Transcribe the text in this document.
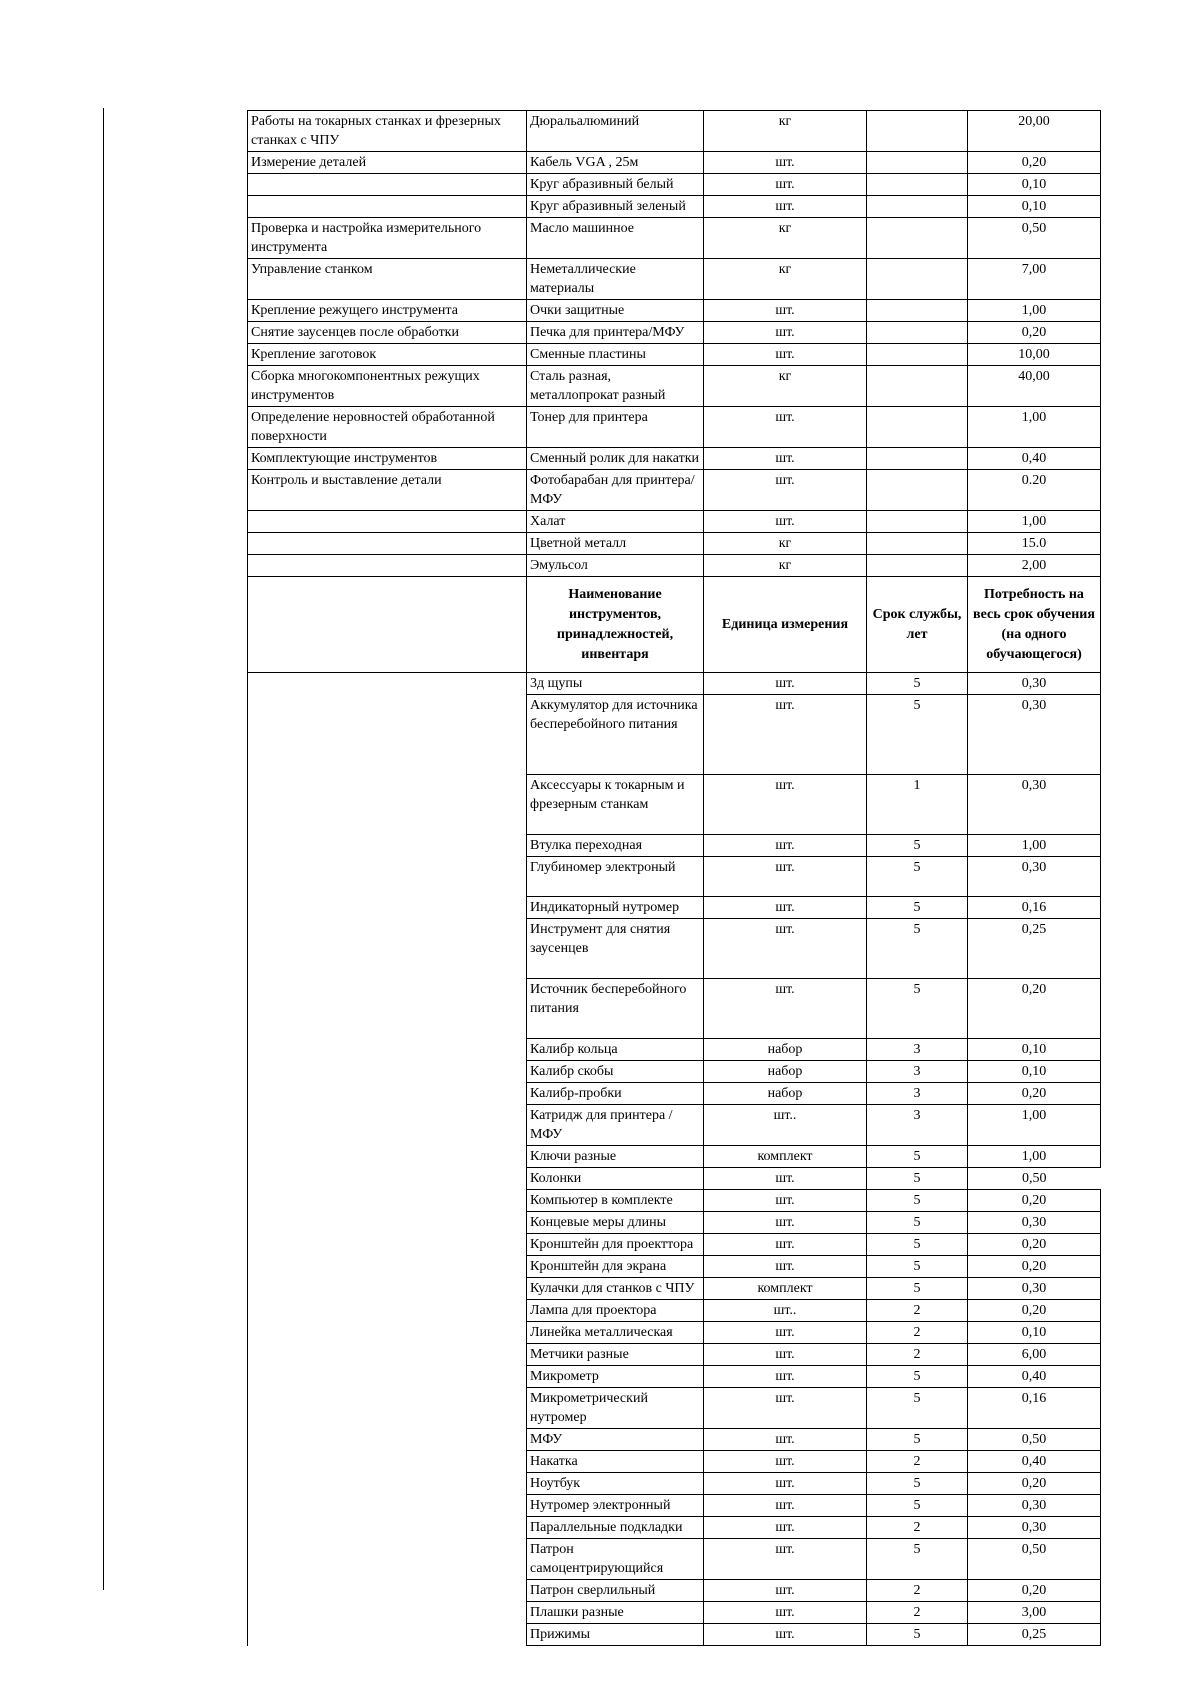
Работы на токарных станках и фрезерных станках с ЧПУ	Дюральалюминий	кг		20,00
Измерение деталей	Кабель VGA , 25м	шт.		0,20
	Круг абразивный белый	шт.		0,10
	Круг абразивный зеленый	шт.		0,10
Проверка и настройка измерительного инструмента	Масло машинное	кг		0,50
Управление станком	Неметаллические материалы	кг		7,00
Крепление режущего инструмента	Очки защитные	шт.		1,00
Снятие заусенцев после обработки	Печка для принтера/МФУ	шт.		0,20
Крепление заготовок	Сменные пластины	шт.		10,00
Сборка многокомпонентных режущих инструментов	Сталь разная, металлопрокат разный	кг		40,00
Определение неровностей обработанной поверхности	Тонер для принтера	шт.		1,00
Комплектующие инструментов	Сменный ролик для накатки	шт.		0,40
Контроль и выставление детали	Фотобарабан для принтера/ МФУ	шт.		0.20
	Халат	шт.		1,00
	Цветной металл	кг		15.0
	Эмульсол	кг		2,00
	Наименование инструментов, принадлежностей, инвентаря	Единица измерения	Срок службы, лет	Потребность на весь срок обучения (на одного обучающегося)
	3д щупы	шт.	5	0,30
	Аккумулятор для источника бесперебойного питания	шт.	5	0,30
	Аксессуары к токарным и фрезерным станкам	шт.	1	0,30
	Втулка переходная	шт.	5	1,00
	Глубиномер электроный	шт.	5	0,30
	Индикаторный нутромер	шт.	5	0,16
	Инструмент для снятия заусенцев	шт.	5	0,25
	Источник бесперебойного питания	шт.	5	0,20
	Калибр кольца	набор	3	0,10
	Калибр скобы	набор	3	0,10
	Калибр-пробки	набор	3	0,20
	Катридж для принтера /МФУ	шт..	3	1,00
	Ключи разные	комплект	5	1,00
	Колонки	шт.	5	0,50
	Компьютер в комплекте	шт.	5	0,20
	Концевые меры длины	шт.	5	0,30
	Кронштейн для проекттора	шт.	5	0,20
	Кронштейн для экрана	шт.	5	0,20
	Кулачки для станков с ЧПУ	комплект	5	0,30
	Лампа для проектора	шт..	2	0,20
	Линейка металлическая	шт.	2	0,10
	Метчики разные	шт.	2	6,00
	Микрометр	шт.	5	0,40
	Микрометрический нутромер	шт.	5	0,16
	МФУ	шт.	5	0,50
	Накатка	шт.	2	0,40
	Ноутбук	шт.	5	0,20
	Нутромер электронный	шт.	5	0,30
	Параллельные подкладки	шт.	2	0,30
	Патрон самоцентрирующийся	шт.	5	0,50
	Патрон сверлильный	шт.	2	0,20
	Плашки разные	шт.	2	3,00
	Прижимы	шт.	5	0,25
